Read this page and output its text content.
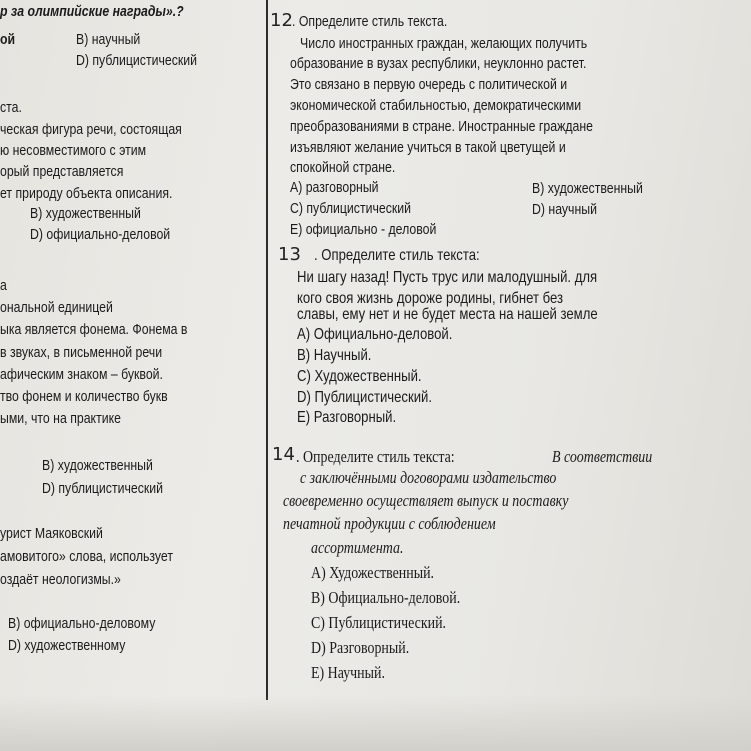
р за олимпийские награды».?
ой	В) научный
D) публицистический
ста.
ческая фигура речи, состоящая
ю несовместимого с этим
орый представляется
ет природу объекта описания.
В) художественный
D) официально-деловой
а
ональной единицей
ыка является фонема. Фонема в
в звуках, в письменной речи
афическим знаком – буквой.
тво фонем и количество букв
ыми, что на практике
В) художественный
D) публицистический
урист Маяковский
амовитого» слова, использует
оздаёт неологизмы.»
В) официально-деловому
D) художественному
12 . Определите стиль текста.
Число иностранных граждан, желающих получить
образование в вузах республики, неуклонно растет.
Это связано в первую очередь с политической и
экономической стабильностью, демократическими
преобразованиями в стране. Иностранные граждане
изъявляют желание учиться в такой цветущей и
спокойной стране.
A) разговорный	В) художественный
С) публицистический	D) научный
Е) официально - деловой
13 . Определите стиль текста:
Ни шагу назад! Пусть трус или малодушный. для
кого своя жизнь дороже родины, гибнет без
славы, ему нет и не будет места на нашей земле
A) Официально-деловой.
В) Научный.
С) Художественный.
D) Публицистический.
Е) Разговорный.
14 . Определите стиль текста:	В соответствии
с заключёнными договорами издательство
своевременно осуществляет выпуск и поставку
печатной продукции с соблюдением
ассортимента.
A) Художественный.
В) Официально-деловой.
С) Публицистический.
D) Разговорный.
Е) Научный.
